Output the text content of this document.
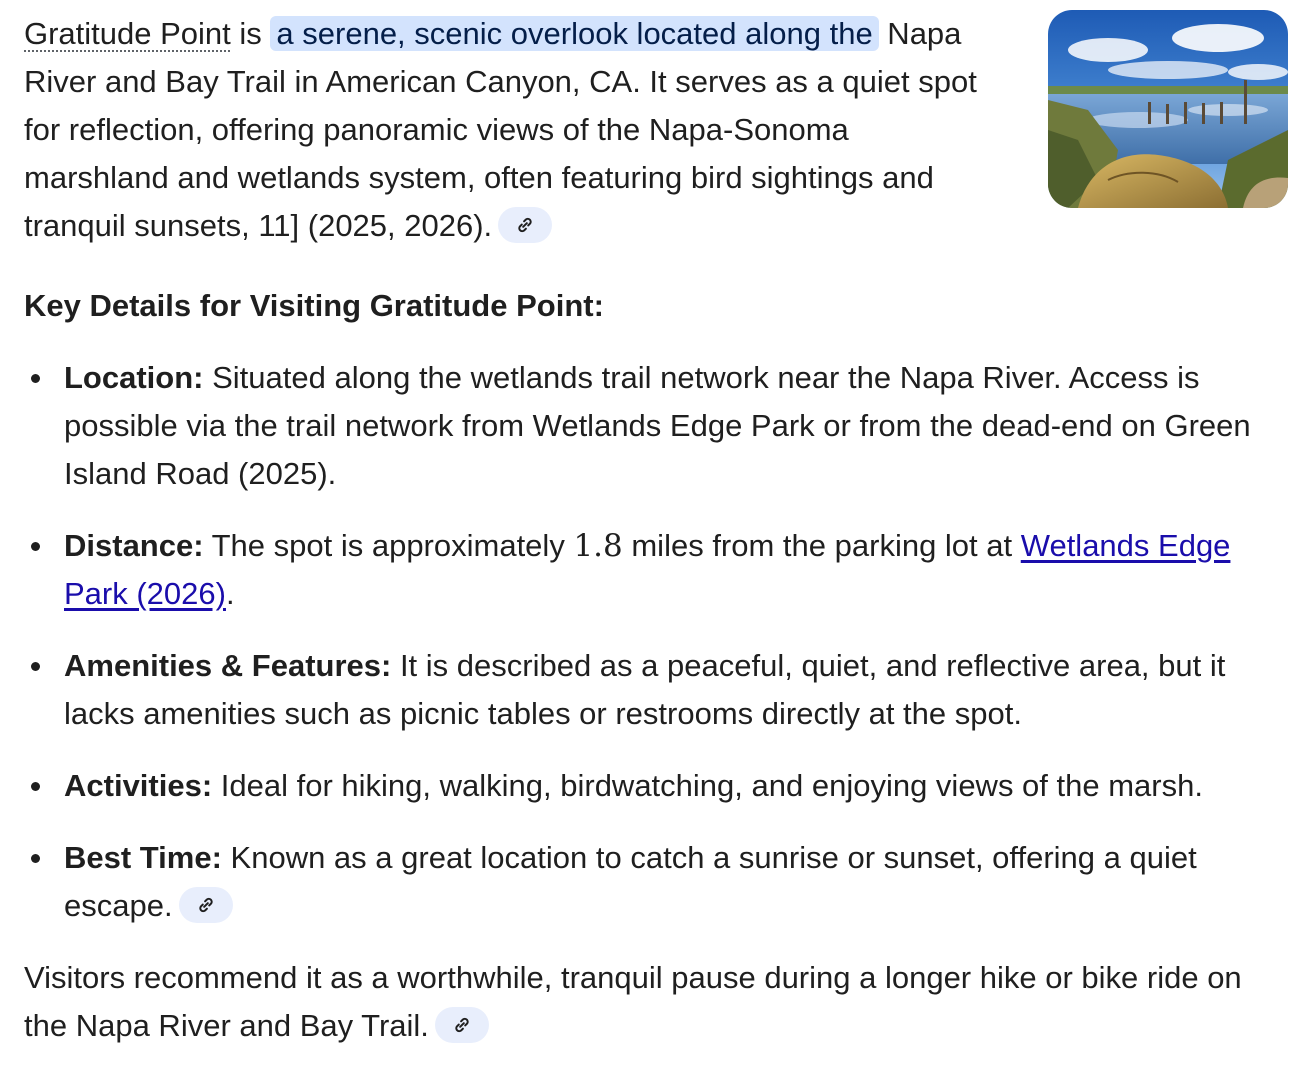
Gratitude Point is a serene, scenic overlook located along the Napa River and Bay Trail in American Canyon, CA. It serves as a quiet spot for reflection, offering panoramic views of the Napa-Sonoma marshland and wetlands system, often featuring bird sightings and tranquil sunsets, 11] (2025, 2026).
Key Details for Visiting Gratitude Point:
Location: Situated along the wetlands trail network near the Napa River. Access is possible via the trail network from Wetlands Edge Park or from the dead-end on Green Island Road (2025).
Distance: The spot is approximately 1.8 miles from the parking lot at Wetlands Edge Park (2026).
Amenities & Features: It is described as a peaceful, quiet, and reflective area, but it lacks amenities such as picnic tables or restrooms directly at the spot.
Activities: Ideal for hiking, walking, birdwatching, and enjoying views of the marsh.
Best Time: Known as a great location to catch a sunrise or sunset, offering a quiet escape.
Visitors recommend it as a worthwhile, tranquil pause during a longer hike or bike ride on the Napa River and Bay Trail.
